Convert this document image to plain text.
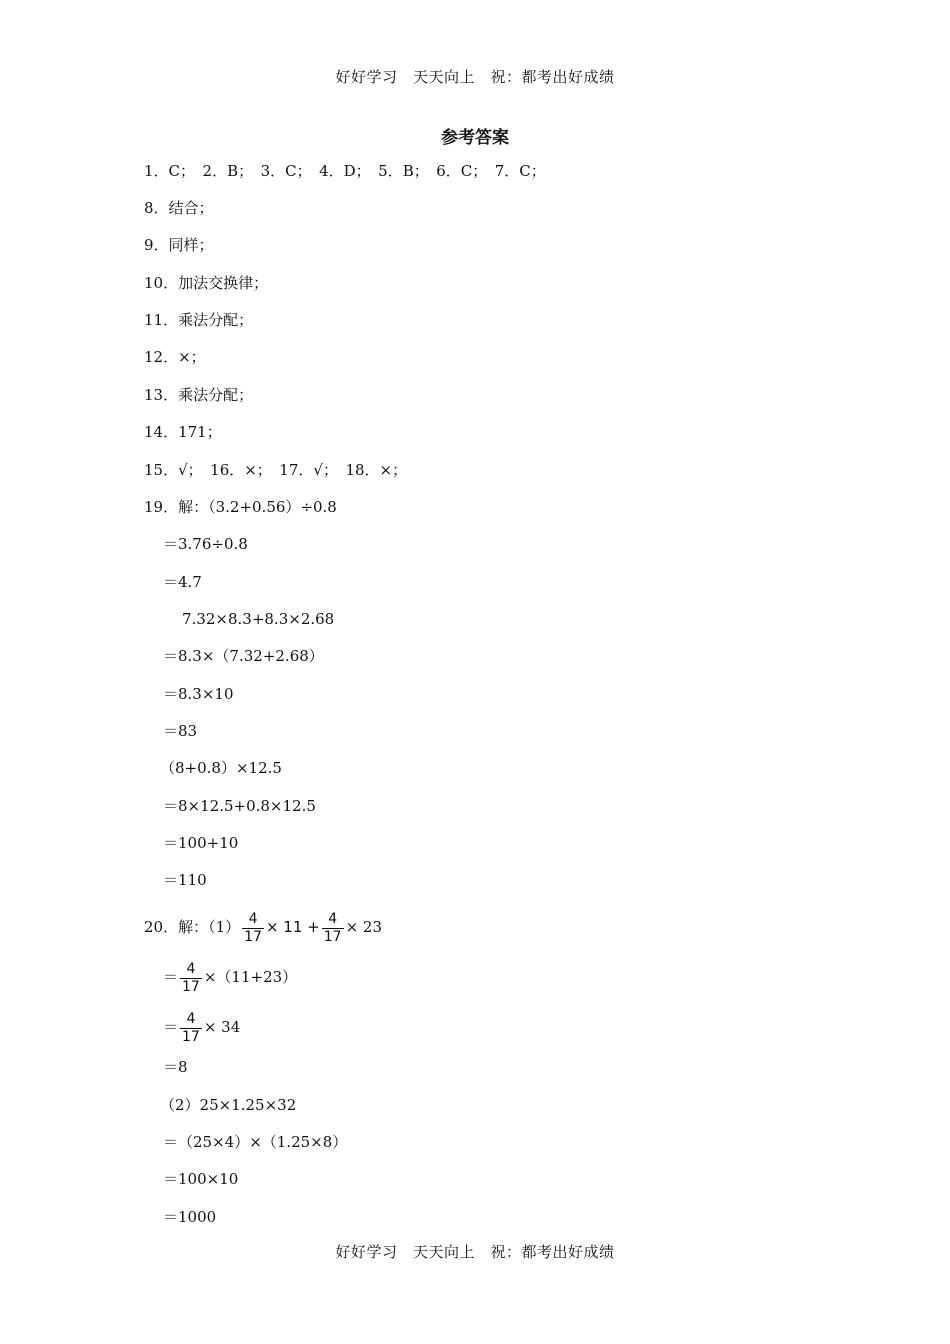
好好学习　天天向上　祝：都考出好成绩
参考答案
1．C；　2．B；　3．C；　4．D；　5．B；　6．C；　7．C；
8．结合；
9．同样；
10．加法交换律；
11．乘法分配；
12．×；
13．乘法分配；
14．171；
15．√；　16．×；　17．√；　18．×；
19．解：（3.2+0.56）÷0.8
＝3.76÷0.8
＝4.7
7.32×8.3+8.3×2.68
＝8.3×（7.32+2.68）
＝8.3×10
＝83
（8+0.8）×12.5
＝8×12.5+0.8×12.5
＝100+10
＝110
20．解：$(1) \frac{4}{17} \times 11 + \frac{4}{17} \times 23$
＝ $\frac{4}{17} \times(11+23)$
＝ $\frac{4}{17} \times 34$
＝8
（2）25×1.25×32
＝（25×4）×（1.25×8）
＝100×10
＝1000
好好学习　天天向上　祝：都考出好成绩
